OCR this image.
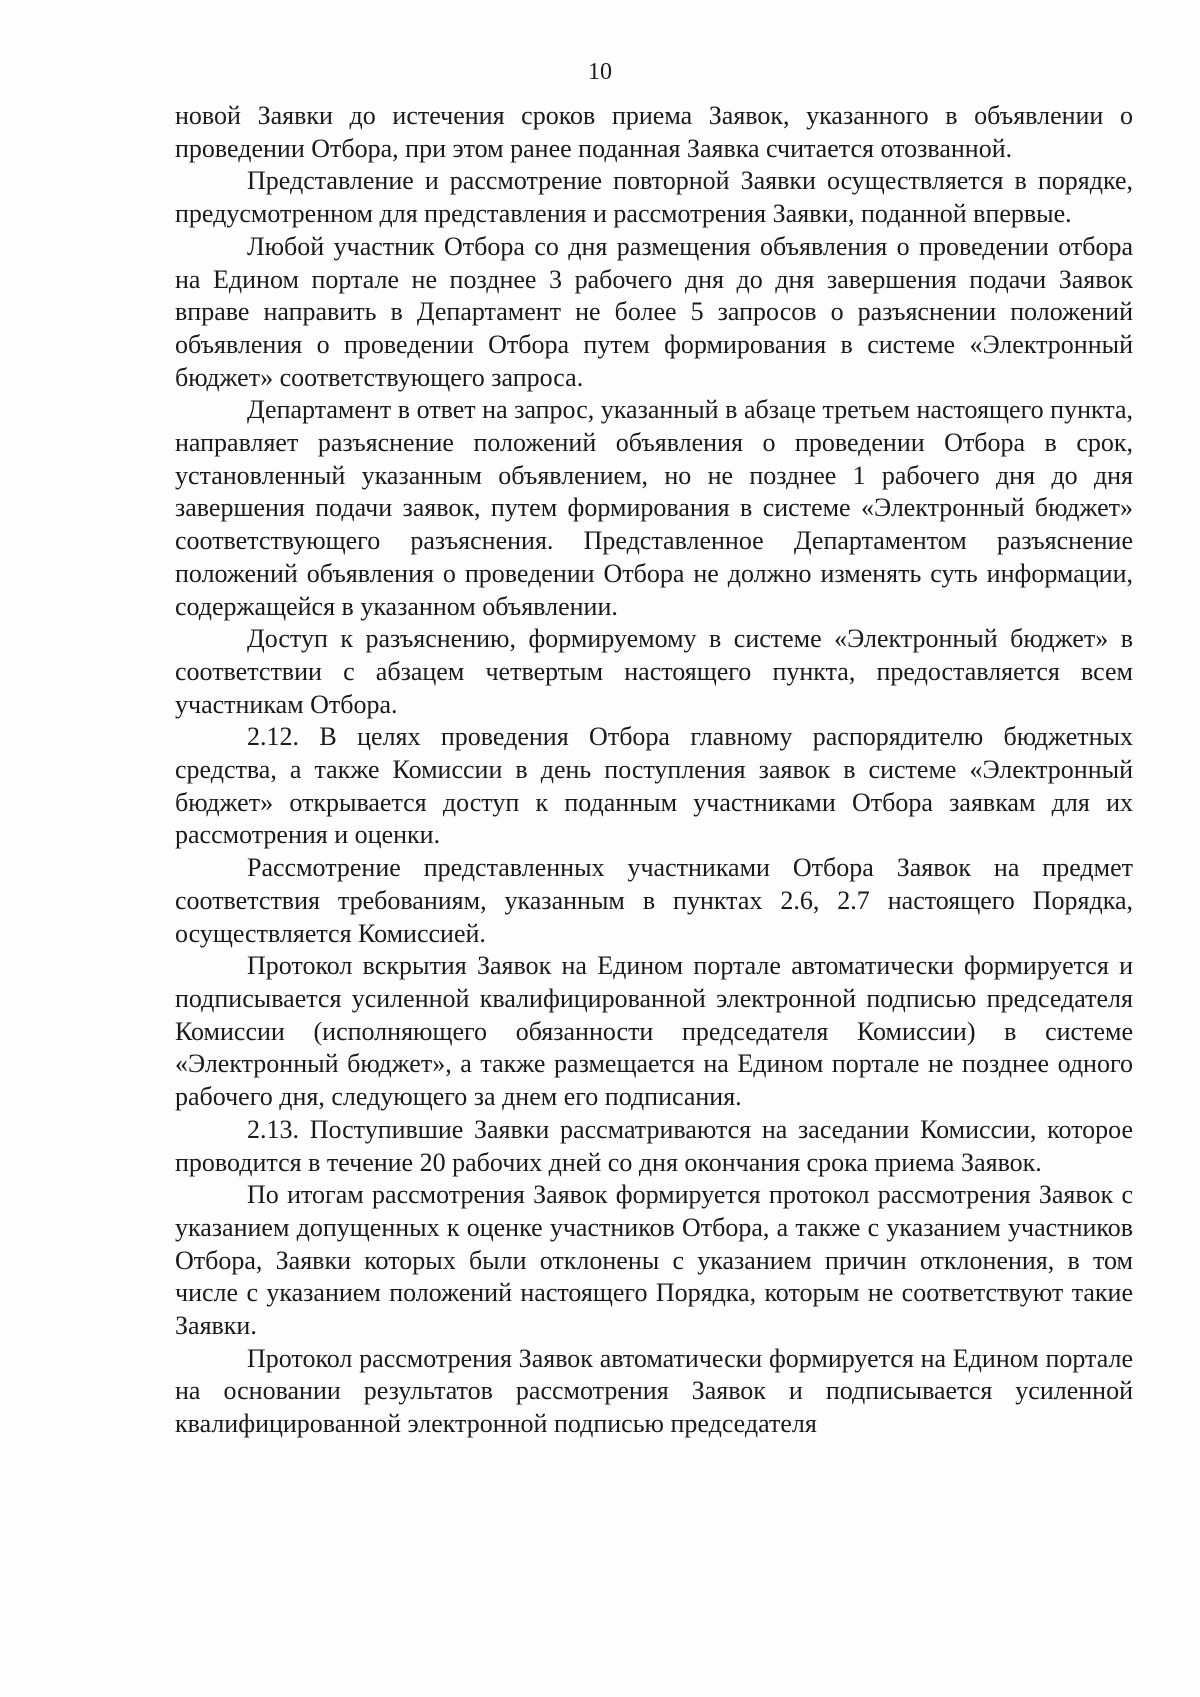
10

новой Заявки до истечения сроков приема Заявок, указанного в объявлении о проведении Отбора, при этом ранее поданная Заявка считается отозванной.

Представление и рассмотрение повторной Заявки осуществляется в порядке, предусмотренном для представления и рассмотрения Заявки, поданной впервые.

Любой участник Отбора со дня размещения объявления о проведении отбора на Едином портале не позднее 3 рабочего дня до дня завершения подачи Заявок вправе направить в Департамент не более 5 запросов о разъяснении положений объявления о проведении Отбора путем формирования в системе «Электронный бюджет» соответствующего запроса.

Департамент в ответ на запрос, указанный в абзаце третьем настоящего пункта, направляет разъяснение положений объявления о проведении Отбора в срок, установленный указанным объявлением, но не позднее 1 рабочего дня до дня завершения подачи заявок, путем формирования в системе «Электронный бюджет» соответствующего разъяснения. Представленное Департаментом разъяснение положений объявления о проведении Отбора не должно изменять суть информации, содержащейся в указанном объявлении.

Доступ к разъяснению, формируемому в системе «Электронный бюджет» в соответствии с абзацем четвертым настоящего пункта, предоставляется всем участникам Отбора.

2.12. В целях проведения Отбора главному распорядителю бюджетных средства, а также Комиссии в день поступления заявок в системе «Электронный бюджет» открывается доступ к поданным участниками Отбора заявкам для их рассмотрения и оценки.

Рассмотрение представленных участниками Отбора Заявок на предмет соответствия требованиям, указанным в пунктах 2.6, 2.7 настоящего Порядка, осуществляется Комиссией.

Протокол вскрытия Заявок на Едином портале автоматически формируется и подписывается усиленной квалифицированной электронной подписью председателя Комиссии (исполняющего обязанности председателя Комиссии) в системе «Электронный бюджет», а также размещается на Едином портале не позднее одного рабочего дня, следующего за днем его подписания.

2.13. Поступившие Заявки рассматриваются на заседании Комиссии, которое проводится в течение 20 рабочих дней со дня окончания срока приема Заявок.

По итогам рассмотрения Заявок формируется протокол рассмотрения Заявок с указанием допущенных к оценке участников Отбора, а также с указанием участников Отбора, Заявки которых были отклонены с указанием причин отклонения, в том числе с указанием положений настоящего Порядка, которым не соответствуют такие Заявки.

Протокол рассмотрения Заявок автоматически формируется на Едином портале на основании результатов рассмотрения Заявок и подписывается усиленной квалифицированной электронной подписью председателя
